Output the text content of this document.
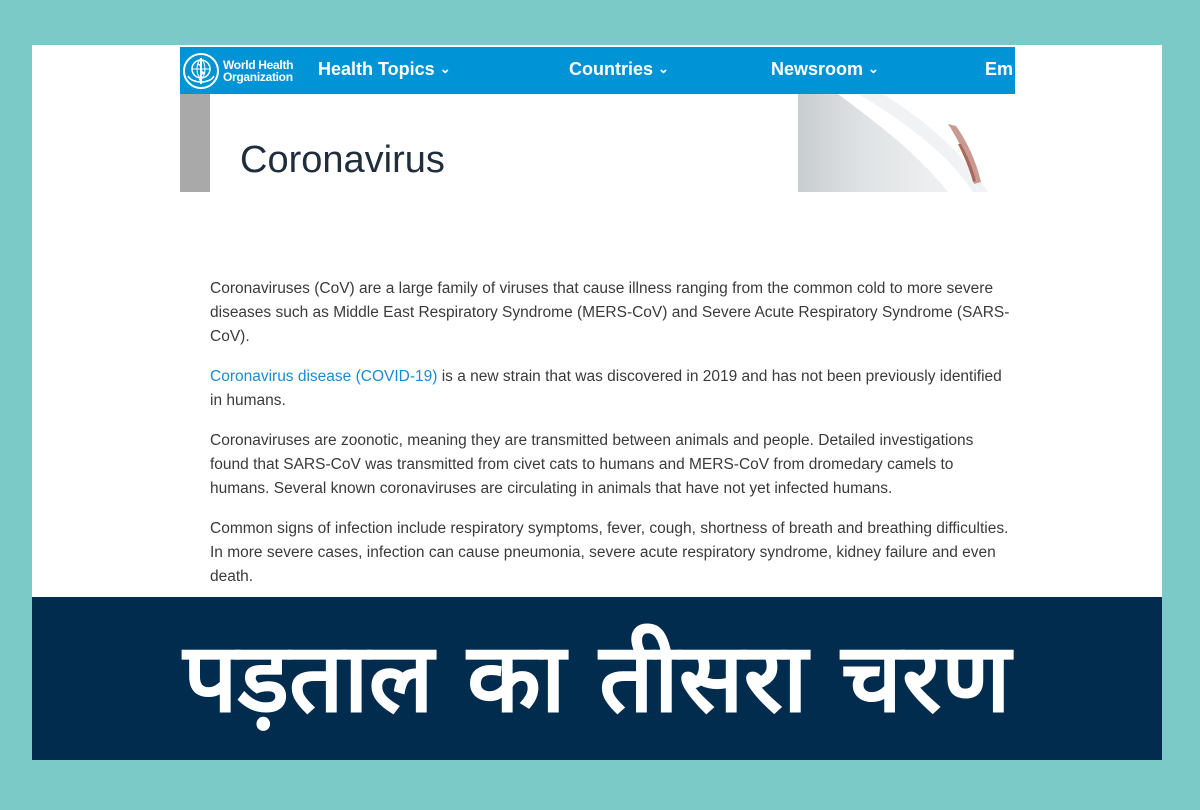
World Health
Organization Health Topics ⌄	Countries ⌄	Newsroom ⌄	Em
Coronavirus

Coronaviruses (CoV) are a large family of viruses that cause illness ranging from the common cold to more severe diseases such as Middle East Respiratory Syndrome (MERS-CoV) and Severe Acute Respiratory Syndrome (SARS-CoV).

Coronavirus disease (COVID-19) is a new strain that was discovered in 2019 and has not been previously identified in humans.

Coronaviruses are zoonotic, meaning they are transmitted between animals and people. Detailed investigations found that SARS-CoV was transmitted from civet cats to humans and MERS-CoV from dromedary camels to humans. Several known coronaviruses are circulating in animals that have not yet infected humans.

Common signs of infection include respiratory symptoms, fever, cough, shortness of breath and breathing difficulties. In more severe cases, infection can cause pneumonia, severe acute respiratory syndrome, kidney failure and even death.

पड़ताल का तीसरा चरण
